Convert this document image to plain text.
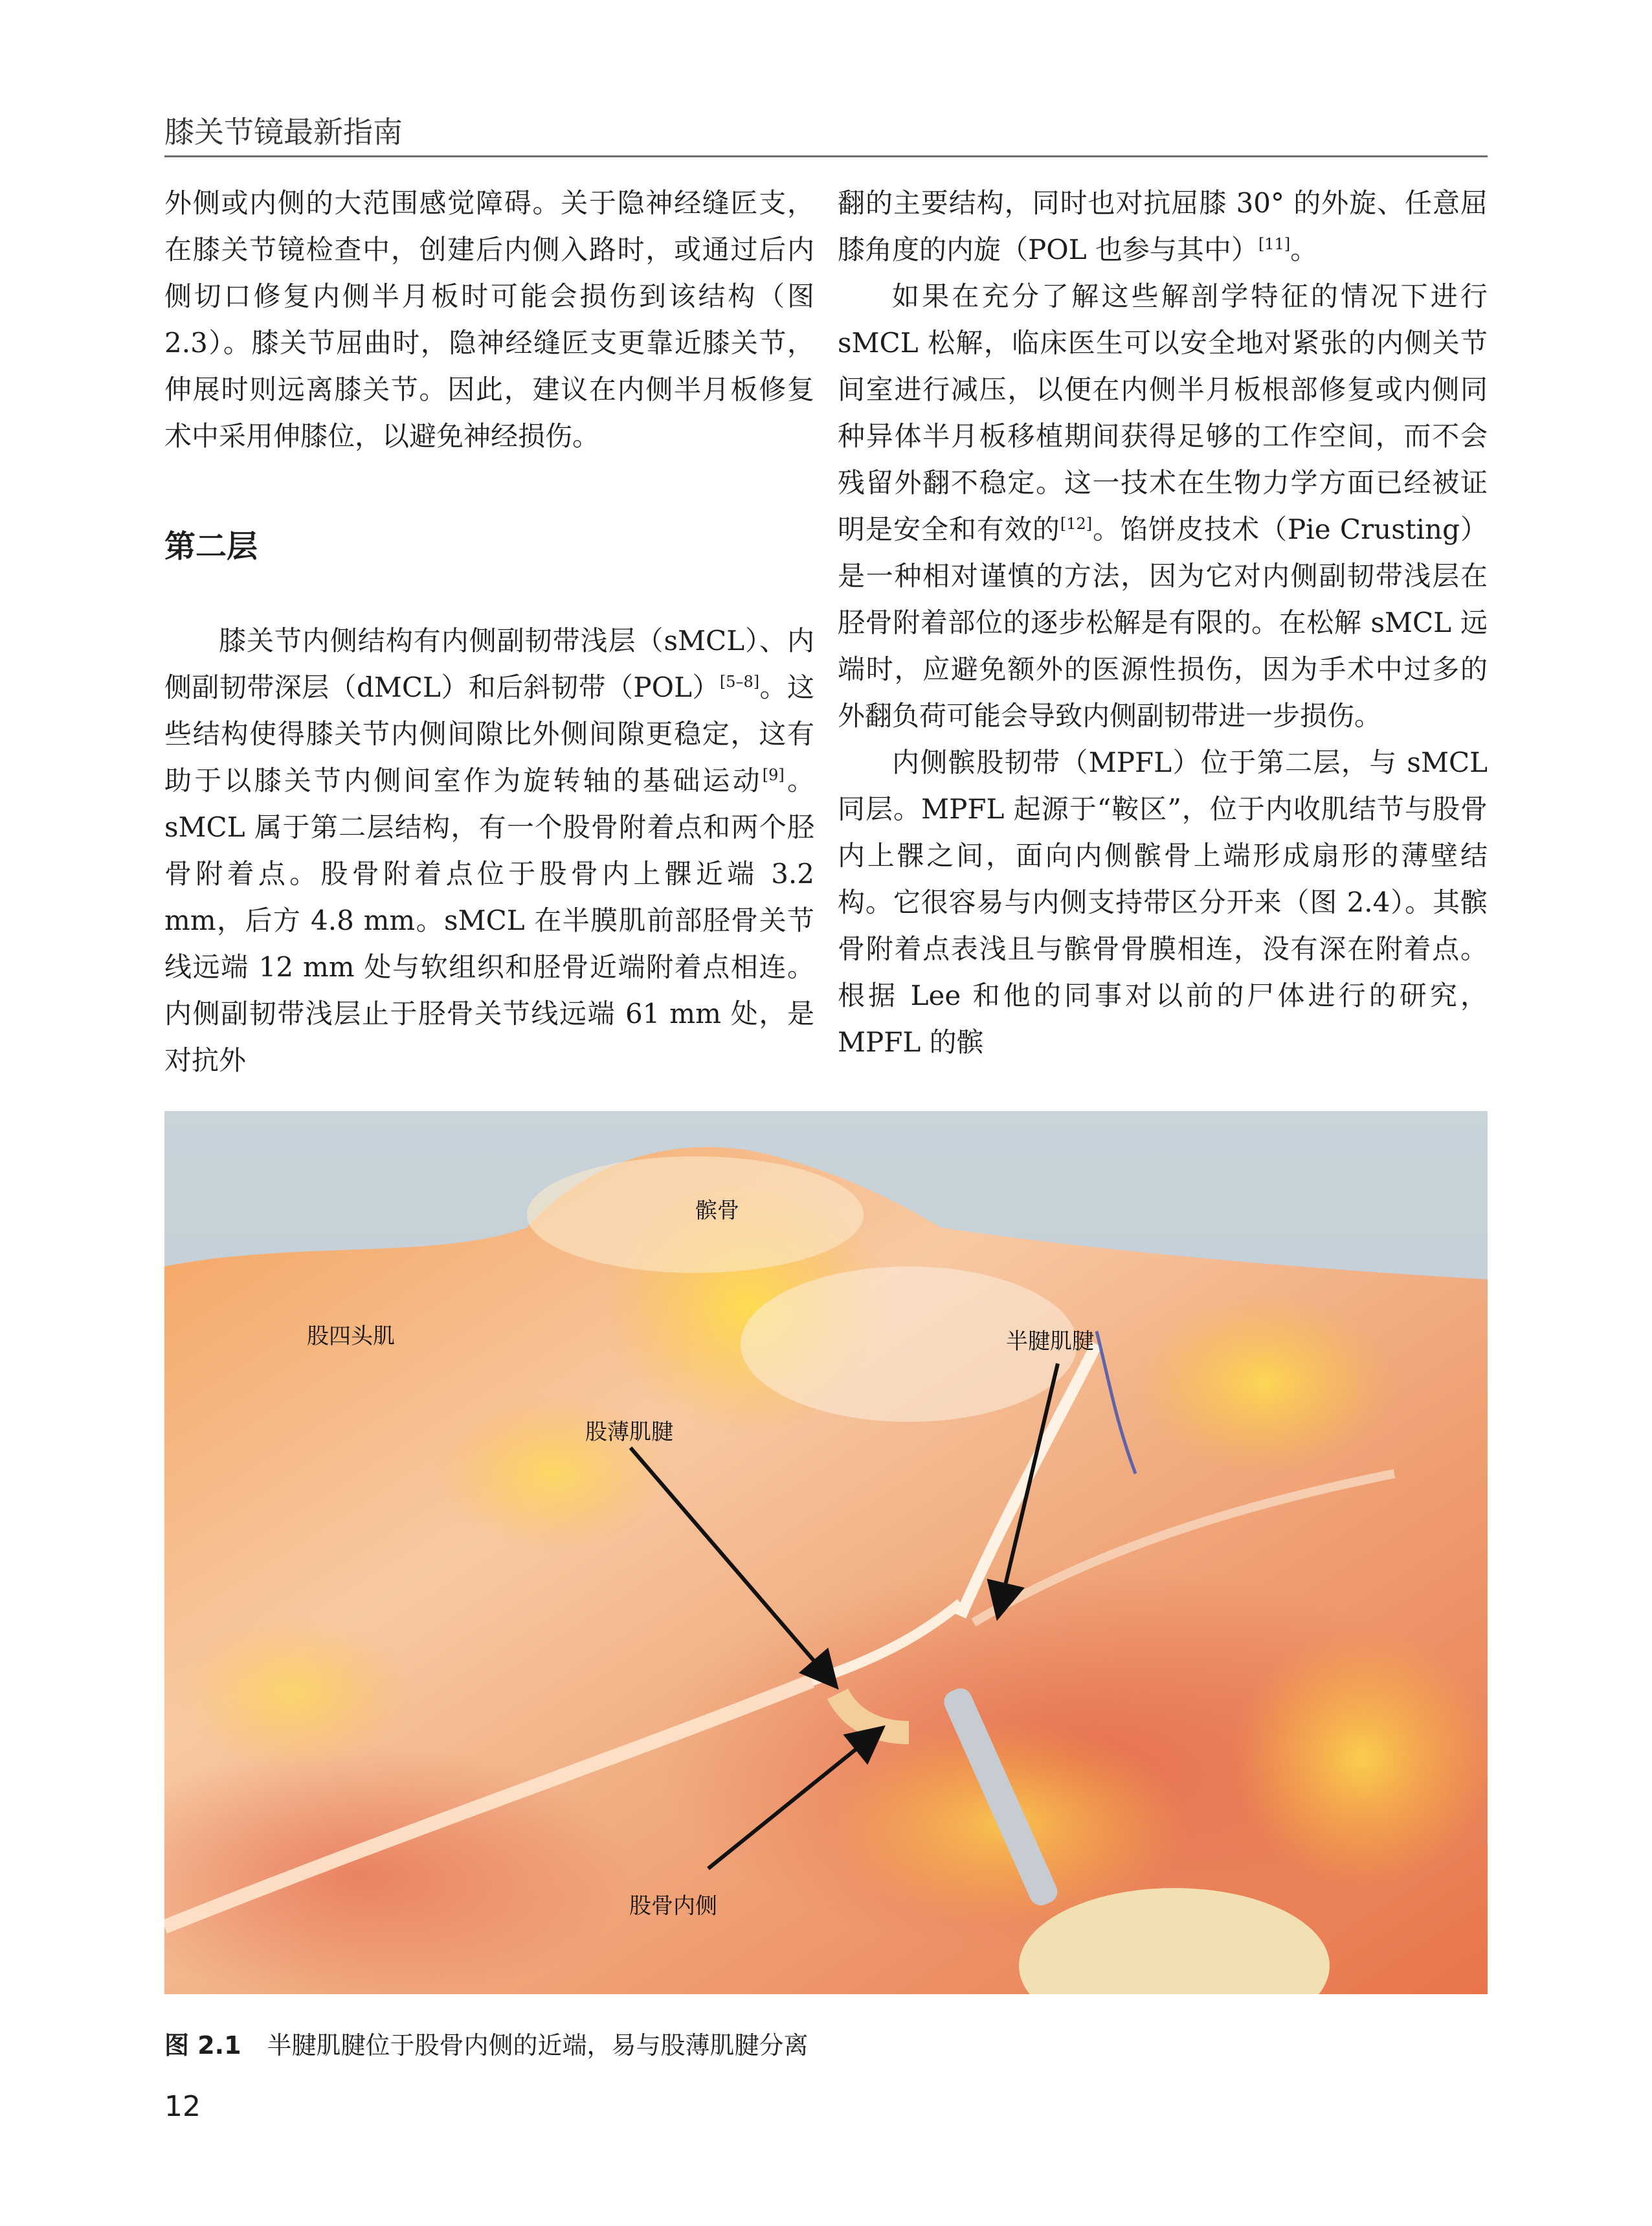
膝关节镜最新指南

外侧或内侧的大范围感觉障碍。关于隐神经缝匠支，在膝关节镜检查中，创建后内侧入路时，或通过后内侧切口修复内侧半月板时可能会损伤到该结构（图 2.3）。膝关节屈曲时，隐神经缝匠支更靠近膝关节，伸展时则远离膝关节。因此，建议在内侧半月板修复术中采用伸膝位，以避免神经损伤。

第二层

膝关节内侧结构有内侧副韧带浅层（sMCL）、内侧副韧带深层（dMCL）和后斜韧带（POL）[5–8]。这些结构使得膝关节内侧间隙比外侧间隙更稳定，这有助于以膝关节内侧间室作为旋转轴的基础运动[9]。sMCL 属于第二层结构，有一个股骨附着点和两个胫骨附着点。股骨附着点位于股骨内上髁近端 3.2 mm，后方 4.8 mm。sMCL 在半膜肌前部胫骨关节线远端 12 mm 处与软组织和胫骨近端附着点相连。内侧副韧带浅层止于胫骨关节线远端 61 mm 处，是对抗外

翻的主要结构，同时也对抗屈膝 30° 的外旋、任意屈膝角度的内旋（POL 也参与其中）[11]。

如果在充分了解这些解剖学特征的情况下进行 sMCL 松解，临床医生可以安全地对紧张的内侧关节间室进行减压，以便在内侧半月板根部修复或内侧同种异体半月板移植期间获得足够的工作空间，而不会残留外翻不稳定。这一技术在生物力学方面已经被证明是安全和有效的[12]。馅饼皮技术（Pie Crusting）是一种相对谨慎的方法，因为它对内侧副韧带浅层在胫骨附着部位的逐步松解是有限的。在松解 sMCL 远端时，应避免额外的医源性损伤，因为手术中过多的外翻负荷可能会导致内侧副韧带进一步损伤。

内侧髌股韧带（MPFL）位于第二层，与 sMCL 同层。MPFL 起源于“鞍区”，位于内收肌结节与股骨内上髁之间，面向内侧髌骨上端形成扇形的薄壁结构。它很容易与内侧支持带区分开来（图 2.4）。其髌骨附着点表浅且与髌骨骨膜相连，没有深在附着点。根据 Lee 和他的同事对以前的尸体进行的研究，MPFL 的髌

髌骨
股四头肌	半腱肌腱
股薄肌腱
股骨内侧
图 2.1 半腱肌腱位于股骨内侧的近端，易与股薄肌腱分离
12
